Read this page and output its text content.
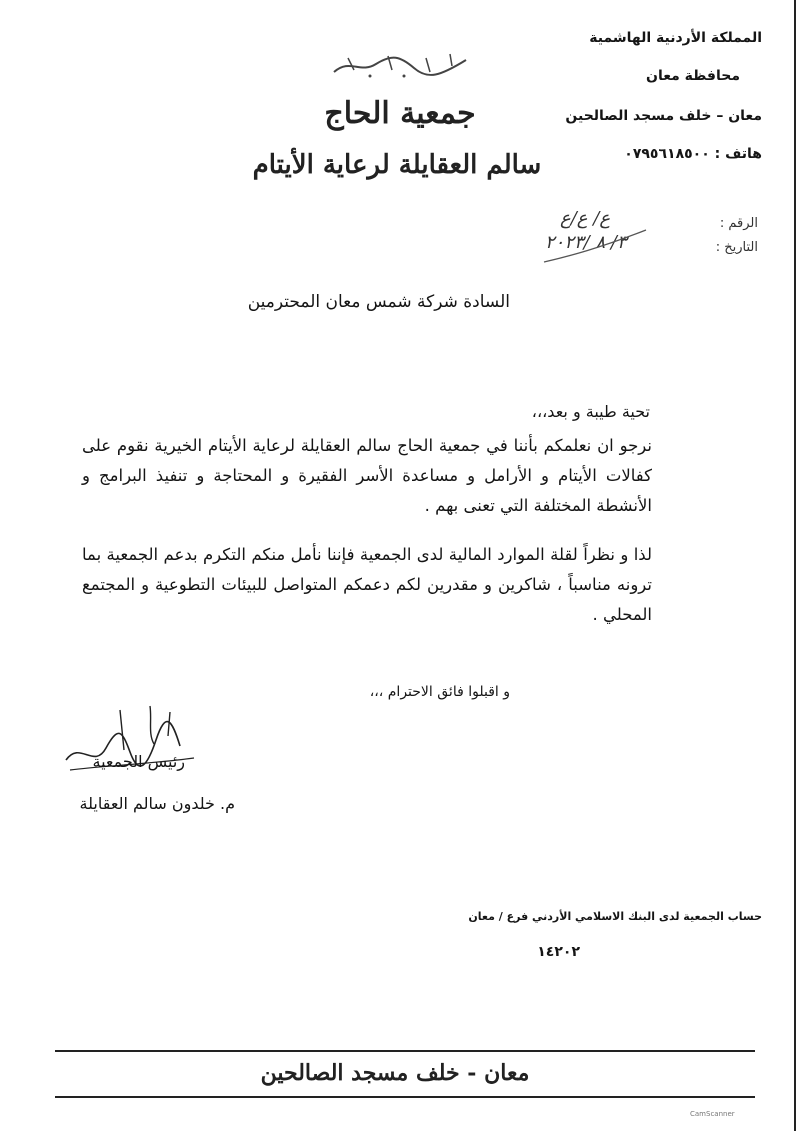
المملكة الأردنية الهاشمية
محافظة معان
معان – خلف مسجد الصالحين
هاتف : ٠٧٩٥٦١٨٥٠٠
جمعية الحاج
سالم العقايلة لرعاية الأيتام
الرقم :
ع/ ع/ع
التاريخ :
٣/ ٨ /٢٠٢٣
السادة شركة شمس معان المحترمين
تحية طيبة و بعد،،،
نرجو ان نعلمكم بأننا في جمعية الحاج سالم العقايلة لرعاية الأيتام الخيرية نقوم على كفالات الأيتام و الأرامل و مساعدة الأسر الفقيرة و المحتاجة و تنفيذ البرامج و الأنشطة المختلفة التي تعنى بهم .
لذا و نظراً لقلة الموارد المالية لدى الجمعية فإننا نأمل منكم التكرم بدعم الجمعية بما ترونه مناسباً ، شاكرين و مقدرين لكم دعمكم المتواصل للبيئات التطوعية و المجتمع المحلي .
و اقبلوا فائق الاحترام ،،،
رئيس الجمعية
م. خلدون سالم العقايلة
حساب الجمعية لدى البنك الاسلامي الأردني فرع / معان
١٤٢٠٢
معان - خلف مسجد الصالحين
CamScanner
